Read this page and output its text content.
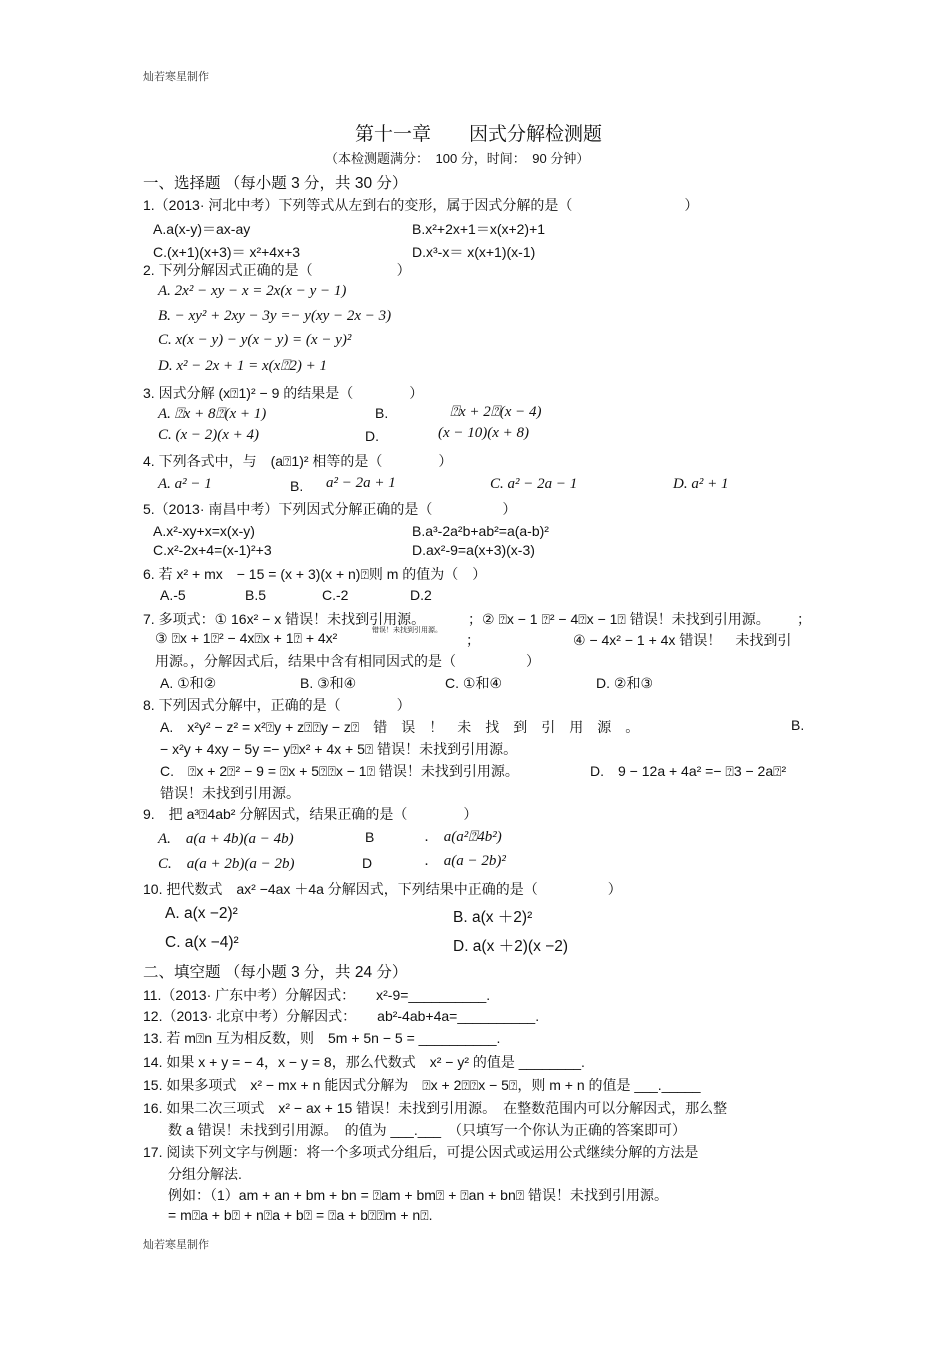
灿若寒星制作
第十一章　　因式分解检测题
（本检测题满分：　100 分，时间：　90 分钟）
一、选择题 （每小题 3 分，共 30 分）
1.（2013· 河北中考）下列等式从左到右的变形，属于因式分解的是（　　　　　　　　）
A.a(x-y)＝ax-ay	B.x²+2x+1＝x(x+2)+1
C.(x+1)(x+3)＝ x²+4x+3	D.x³-x＝ x(x+1)(x-1)
2. 下列分解因式正确的是（　　　　　　）
A. 2x² − xy − x = 2x(x − y − 1)
B. − xy² + 2xy − 3y =− y(xy − 2x − 3)
C. x(x − y) − y(x − y) = (x − y)²
D. x² − 2x + 1 = x(x⍰2) + 1
3. 因式分解 (x⍰1)² − 9 的结果是（　　　　）
A. ⍰x + 8⍰(x + 1)	B.	⍰x + 2⍰(x − 4)
C. (x − 2)(x + 4)	D.	(x − 10)(x + 8)
4. 下列各式中，与　(a⍰1)² 相等的是（　　　　）
A. a² − 1	B. a² − 2a + 1	C. a² − 2a − 1	D. a² + 1
5.（2013· 南昌中考）下列因式分解正确的是（　　　　　）
A.x²-xy+x=x(x-y)	B.a³-2a²b+ab²=a(a-b)²
C.x²-2x+4=(x-1)²+3	D.ax²-9=a(x+3)(x-3)
6. 若 x² + mx　− 15 = (x + 3)(x + n)⍰则 m 的值为（　）
A.-5	B.5	C.-2	D.2
7. 多项式：① 16x² − x 错误！未找到引用源。	；② ⍰x − 1 ⍰² − 4⍰x − 1⍰ 错误！未找到引用源。 ；
③ ⍰x + 1⍰² − 4x⍰x + 1⍰ + 4x²	错误！未找到引用源。
；	④ − 4x² − 1 + 4x 错误！　未找到引
用源。，分解因式后，结果中含有相同因式的是（　　　　　）
A. ①和②	B. ③和④	C. ①和④	D. ②和③
8. 下列因式分解中，正确的是（　　　　）
A.　x²y² − z² = x²⍰y + z⍰⍰y − z⍰　错　误　！　未　找　到　引　用　源　。	B.
− x²y + 4xy − 5y =− y⍰x² + 4x + 5⍰ 错误！未找到引用源。
C.　⍰x + 2⍰² − 9 = ⍰x + 5⍰⍰x − 1⍰ 错误！未找到引用源。	D.　9 − 12a + 4a² =− ⍰3 − 2a⍰²
错误！未找到引用源。
9.　把 a³⍰4ab² 分解因式，结果正确的是（　　　　）
A.　a(a + 4b)(a − 4b)	B	.　a(a²⍰4b²)
C.　a(a + 2b)(a − 2b)	D	.　a(a − 2b)²
10. 把代数式　ax² −4ax ＋4a 分解因式，下列结果中正确的是（　　　　　）
A. a(x −2)²	B. a(x ＋2)²
C. a(x −4)²	D. a(x ＋2)(x −2)
二、填空题 （每小题 3 分，共 24 分）
11.（2013· 广东中考）分解因式：　　x²-9=__________.
12.（2013· 北京中考）分解因式：　　ab²-4ab+4a=__________.
13. 若 m⍰n 互为相反数，则　5m + 5n − 5 = __________.
14. 如果 x + y = − 4，x − y = 8，那么代数式　x² − y² 的值是 ________.
15. 如果多项式　x² − mx + n 能因式分解为　⍰x + 2⍰⍰x − 5⍰，则 m + n 的值是 ___._____
16. 如果二次三项式　x² − ax + 15 错误！未找到引用源。　在整数范围内可以分解因式，那么整
数 a 错误！未找到引用源。　的值为 ___.___　（只填写一个你认为正确的答案即可）
17. 阅读下列文字与例题：将一个多项式分组后，可提公因式或运用公式继续分解的方法是
分组分解法.
例如：（1）am + an + bm + bn = ⍰am + bm⍰ + ⍰an + bn⍰ 错误！未找到引用源。
= m⍰a + b⍰ + n⍰a + b⍰ = ⍰a + b⍰⍰m + n⍰.
灿若寒星制作
